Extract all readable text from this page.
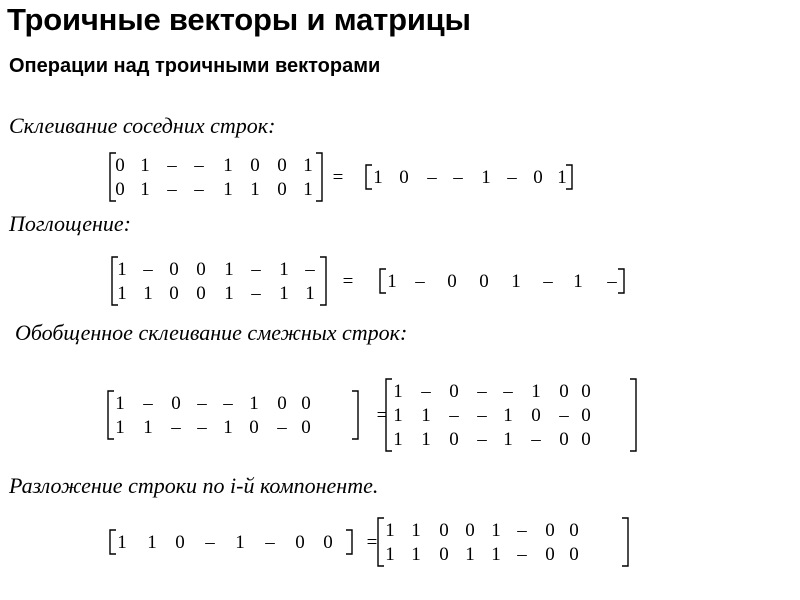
Троичные векторы и матрицы
Операции над троичными векторами
Склеивание соседних строк:
0 1 – – 1 0 0 1
0 1 – – 1 1 0 1
= 1 0 – – 1 – 0 1
Поглощение:
1 – 0 0 1 – 1 –
1 1 0 0 1 – 1 1
= 1 – 0 0 1 – 1 –
Обобщенное склеивание смежных строк:
1 – 0 – – 1 0 0
1 1 – – 1 0 – 0
=
1 – 0 – – 1 0 0
1 1 – – 1 0 – 0
1 1 0 – 1 – 0 0
Разложение строки по i-й компоненте.
1 1 0 – 1 – 0 0 =
1 1 0 0 1 – 0 0
1 1 0 1 1 – 0 0
